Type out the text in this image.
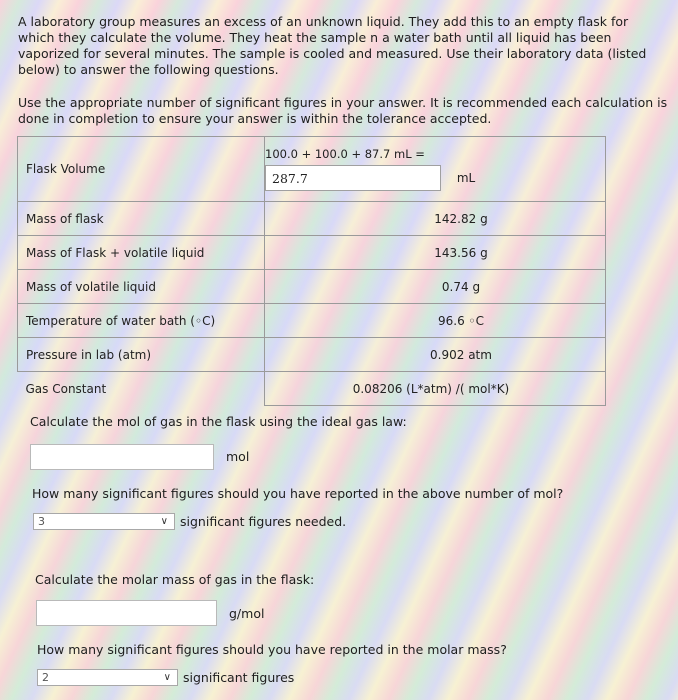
A laboratory group measures an excess of an unknown liquid. They add this to an empty flask for which they calculate the volume. They heat the sample n a water bath until all liquid has been vaporized for several minutes. The sample is cooled and measured. Use their laboratory data (listed below) to answer the following questions.
Use the appropriate number of significant figures in your answer. It is recommended each calculation is done in completion to ensure your answer is within the tolerance accepted.
Flask Volume	100.0 + 100.0 + 87.7 mL =
287.7 mL
Mass of flask	142.82 g
Mass of Flask + volatile liquid	143.56 g
Mass of volatile liquid	0.74 g
Temperature of water bath (◦C)	96.6 ◦C
Pressure in lab (atm)	0.902 atm
Gas Constant	0.08206 (L*atm) /( mol*K)
Calculate the mol of gas in the flask using the ideal gas law:
mol
How many significant figures should you have reported in the above number of mol?
3	∨ significant figures needed.
Calculate the molar mass of gas in the flask:
g/mol
How many significant figures should you have reported in the molar mass?
2	∨ significant figures
